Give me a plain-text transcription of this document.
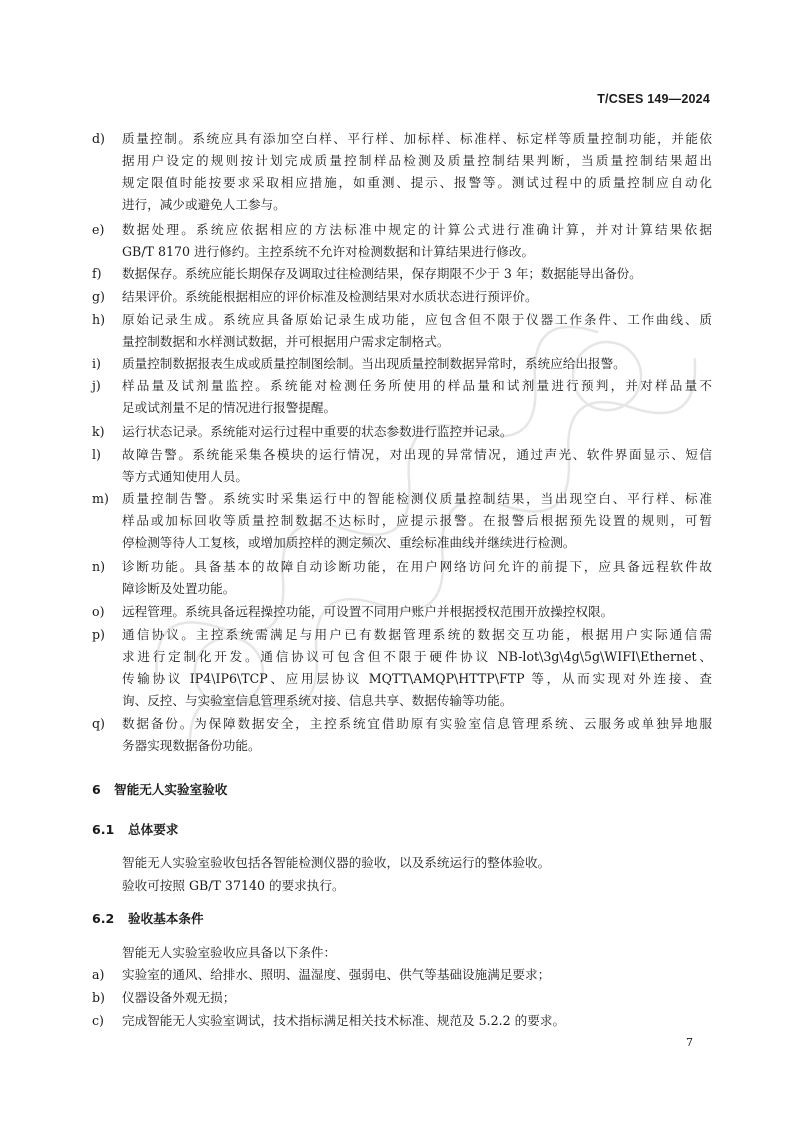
T/CSES 149—2024
d)	质量控制。系统应具有添加空白样、平行样、加标样、标准样、标定样等质量控制功能，并能依
据用户设定的规则按计划完成质量控制样品检测及质量控制结果判断，当质量控制结果超出
规定限值时能按要求采取相应措施，如重测、提示、报警等。测试过程中的质量控制应自动化
进行，减少或避免人工参与。
e)	数据处理。系统应依据相应的方法标准中规定的计算公式进行准确计算，并对计算结果依据
GB/T 8170 进行修约。主控系统不允许对检测数据和计算结果进行修改。
f)	数据保存。系统应能长期保存及调取过往检测结果，保存期限不少于 3 年；数据能导出备份。
g)	结果评价。系统能根据相应的评价标准及检测结果对水质状态进行预评价。
h)	原始记录生成。系统应具备原始记录生成功能，应包含但不限于仪器工作条件、工作曲线、质
量控制数据和水样测试数据，并可根据用户需求定制格式。
i)	质量控制数据报表生成或质量控制图绘制。当出现质量控制数据异常时，系统应给出报警。
j)	样品量及试剂量监控。系统能对检测任务所使用的样品量和试剂量进行预判，并对样品量不
足或试剂量不足的情况进行报警提醒。
k)	运行状态记录。系统能对运行过程中重要的状态参数进行监控并记录。
l)	故障告警。系统能采集各模块的运行情况，对出现的异常情况，通过声光、软件界面显示、短信
等方式通知使用人员。
m)	质量控制告警。系统实时采集运行中的智能检测仪质量控制结果，当出现空白、平行样、标准
样品或加标回收等质量控制数据不达标时，应提示报警。在报警后根据预先设置的规则，可暂
停检测等待人工复核，或增加质控样的测定频次、重绘标准曲线并继续进行检测。
n)	诊断功能。具备基本的故障自动诊断功能，在用户网络访问允许的前提下，应具备远程软件故
障诊断及处置功能。
o)	远程管理。系统具备远程操控功能，可设置不同用户账户并根据授权范围开放操控权限。
p)	通信协议。主控系统需满足与用户已有数据管理系统的数据交互功能，根据用户实际通信需
求进行定制化开发。通信协议可包含但不限于硬件协议 NB-lot\3g\4g\5g\WIFI\Ethernet、
传输协议 IP4\IP6\TCP、应用层协议 MQTT\AMQP\HTTP\FTP 等，从而实现对外连接、查
询、反控、与实验室信息管理系统对接、信息共享、数据传输等功能。
q)	数据备份。为保障数据安全，主控系统宜借助原有实验室信息管理系统、云服务或单独异地服
务器实现数据备份功能。
6 智能无人实验室验收
6.1 总体要求
智能无人实验室验收包括各智能检测仪器的验收，以及系统运行的整体验收。
验收可按照 GB/T 37140 的要求执行。
6.2 验收基本条件
智能无人实验室验收应具备以下条件：
a)	实验室的通风、给排水、照明、温湿度、强弱电、供气等基础设施满足要求；
b)	仪器设备外观无损；
c)	完成智能无人实验室调试，技术指标满足相关技术标准、规范及 5.2.2 的要求。
7
